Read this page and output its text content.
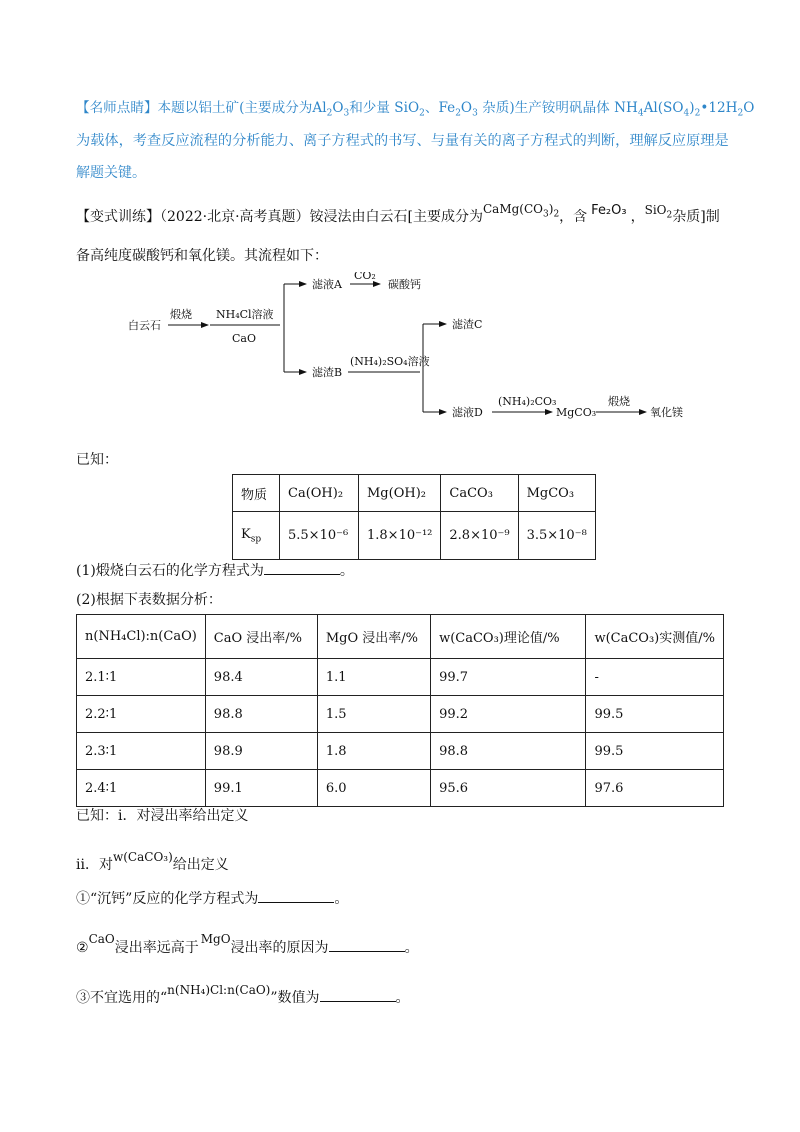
【名师点睛】本题以铝土矿(主要成分为$Al_2O_3$和少量 SiO$_2$、$Fe_2O_3$ 杂质)生产铵明矾晶体 $NH_4Al(SO_4)_2•12H_2O$
为载体，考查反应流程的分析能力、离子方程式的书写、与量有关的离子方程式的判断，理解反应原理是
解题关键。
【变式训练】（2022·北京·高考真题）铵浸法由白云石[主要成分为$CaMg(CO_3)_2$，含 Fe₂O₃ ，SiO$_2$杂质]制
备高纯度碳酸钙和氧化镁。其流程如下：
白云石
煅烧 NH₄Cl溶液
CaO
滤液A
CO₂
碳酸钙
滤渣B
(NH₄)₂SO₄溶液
滤渣C
滤液D
(NH₄)₂CO₃
MgCO₃
煅烧
氧化镁
已知：
物质	Ca(OH)₂	Mg(OH)₂	CaCO₃	MgCO₃
$K_{sp}$	5.5×10⁻⁶	1.8×10⁻¹²	2.8×10⁻⁹	3.5×10⁻⁸
(1)煅烧白云石的化学方程式为	。
(2)根据下表数据分析：
n(NH₄Cl):n(CaO)	CaO 浸出率/%	MgO 浸出率/%	w(CaCO₃)理论值/%	w(CaCO₃)实测值/%
2.1∶1	98.4	1.1	99.7	-
2.2∶1	98.8	1.5	99.2	99.5
2.3∶1	98.9	1.8	98.8	99.5
2.4∶1	99.1	6.0	95.6	97.6
已知：i．对浸出率给出定义
ii．对w(CaCO₃)给出定义
①“沉钙”反应的化学方程式为	。
②CaO浸出率远高于MgO浸出率的原因为	。
③不宜选用的“n(NH₄)Cl:n(CaO)”数值为	。
